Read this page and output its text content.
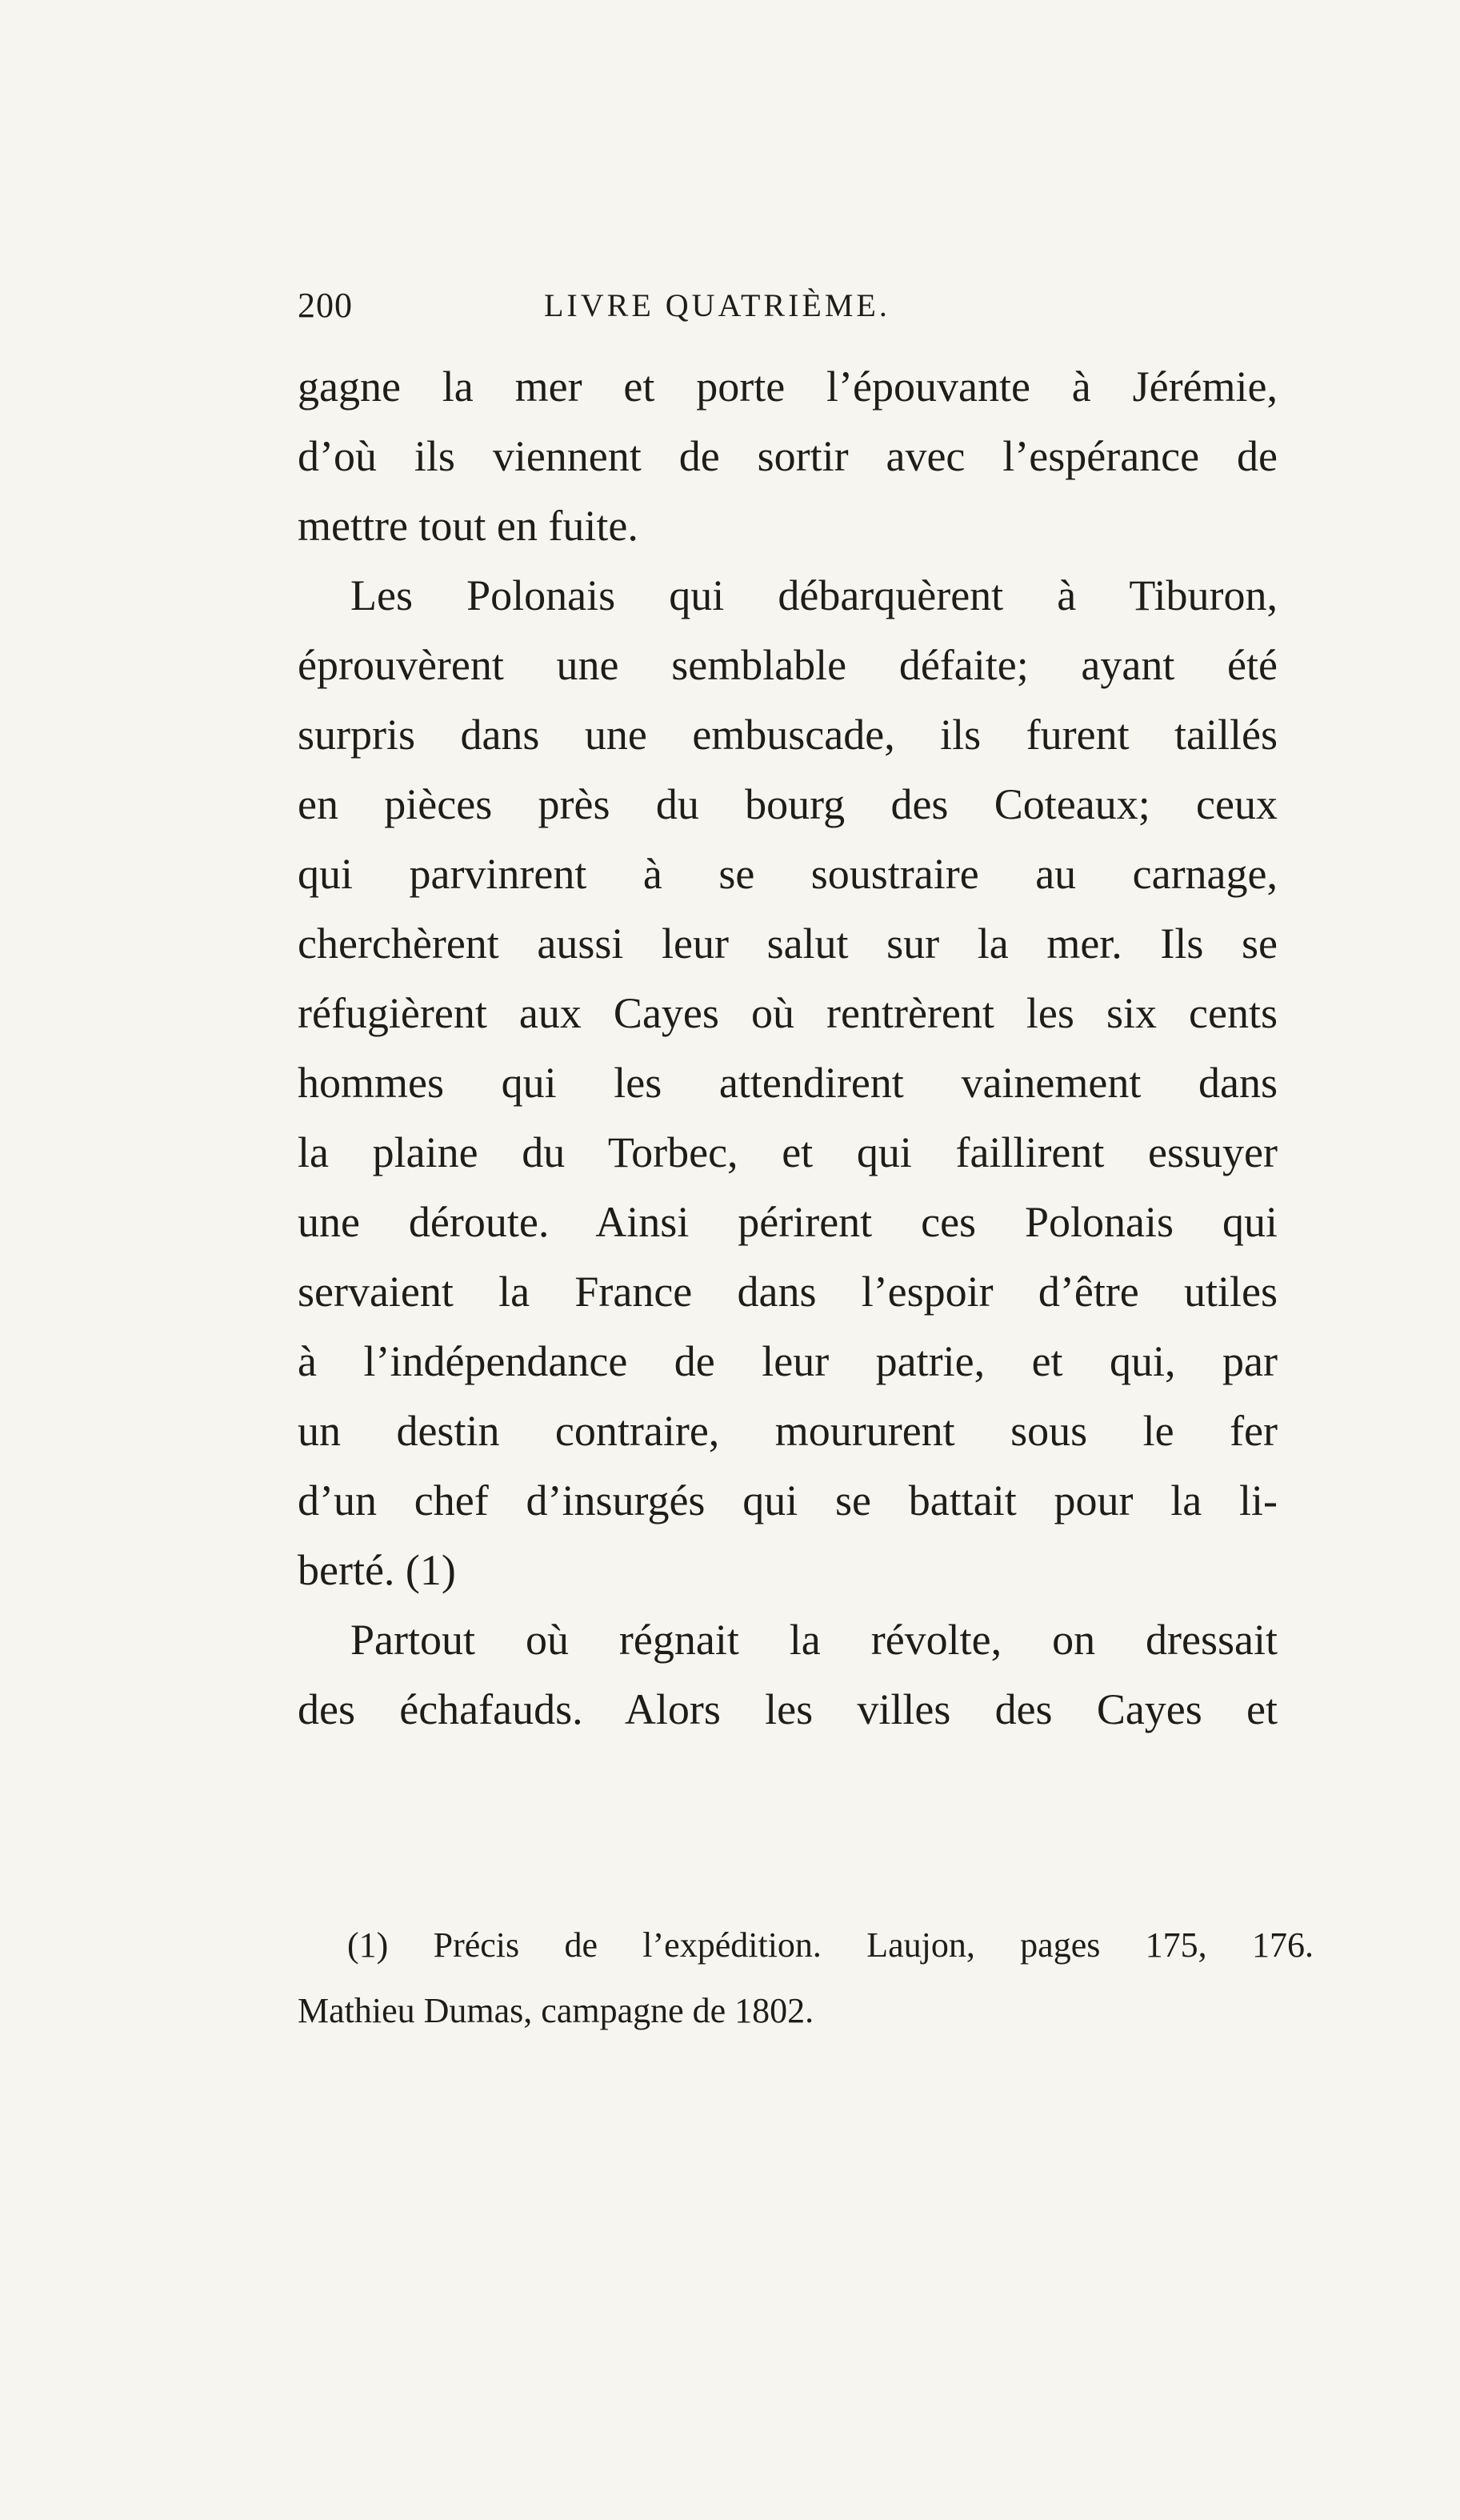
200	LIVRE QUATRIÈME.
gagne la mer et porte l’épouvante à Jérémie,
d’où ils viennent de sortir avec l’espérance de
mettre tout en fuite.
Les Polonais qui débarquèrent à Tiburon,
éprouvèrent une semblable défaite; ayant été
surpris dans une embuscade, ils furent taillés
en pièces près du bourg des Coteaux; ceux
qui parvinrent à se soustraire au carnage,
cherchèrent aussi leur salut sur la mer. Ils se
réfugièrent aux Cayes où rentrèrent les six cents
hommes qui les attendirent vainement dans
la plaine du Torbec, et qui faillirent essuyer
une déroute. Ainsi périrent ces Polonais qui
servaient la France dans l’espoir d’être utiles
à l’indépendance de leur patrie, et qui, par
un destin contraire, moururent sous le fer
d’un chef d’insurgés qui se battait pour la li-
berté. (1)
Partout où régnait la révolte, on dressait
des échafauds. Alors les villes des Cayes et
(1) Précis de l’expédition. Laujon, pages 175, 176.
Mathieu Dumas, campagne de 1802.
